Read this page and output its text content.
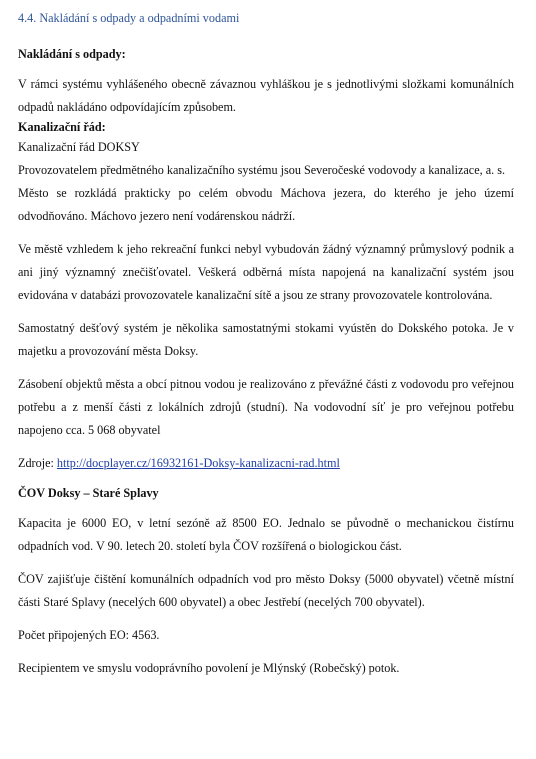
4.4. Nakládání s odpady a odpadními vodami
Nakládání s odpady:
V rámci systému vyhlášeného obecně závaznou vyhláškou je s jednotlivými složkami komunálních odpadů nakládáno odpovídajícím způsobem.
Kanalizační řád:
Kanalizační řád DOKSY
Provozovatelem předmětného kanalizačního systému jsou Severočeské vodovody a kanalizace, a. s.
Město se rozkládá prakticky po celém obvodu Máchova jezera, do kterého je jeho území odvodňováno. Máchovo jezero není vodárenskou nádrží.
Ve městě vzhledem k jeho rekreační funkci nebyl vybudován žádný významný průmyslový podnik a ani jiný významný znečišťovatel. Veškerá odběrná místa napojená na kanalizační systém jsou evidována v databázi provozovatele kanalizační sítě a jsou ze strany provozovatele kontrolována.
Samostatný dešťový systém je několika samostatnými stokami vyústěn do Dokského potoka. Je v majetku a provozování města Doksy.
Zásobení objektů města a obcí pitnou vodou je realizováno z převážné části z vodovodu pro veřejnou potřebu a z menší části z lokálních zdrojů (studní). Na vodovodní síť je pro veřejnou potřebu napojeno cca. 5 068 obyvatel
Zdroje: http://docplayer.cz/16932161-Doksy-kanalizacni-rad.html
ČOV Doksy – Staré Splavy
Kapacita je 6000 EO, v letní sezóně až 8500 EO. Jednalo se původně o mechanickou čistírnu odpadních vod. V 90. letech 20. století byla ČOV rozšířená o biologickou část.
ČOV zajišťuje čištění komunálních odpadních vod pro město Doksy (5000 obyvatel) včetně místní části Staré Splavy (necelých 600 obyvatel) a obec Jestřebí (necelých 700 obyvatel).
Počet připojených EO: 4563.
Recipientem ve smyslu vodoprávního povolení je Mlýnský (Robečský) potok.
